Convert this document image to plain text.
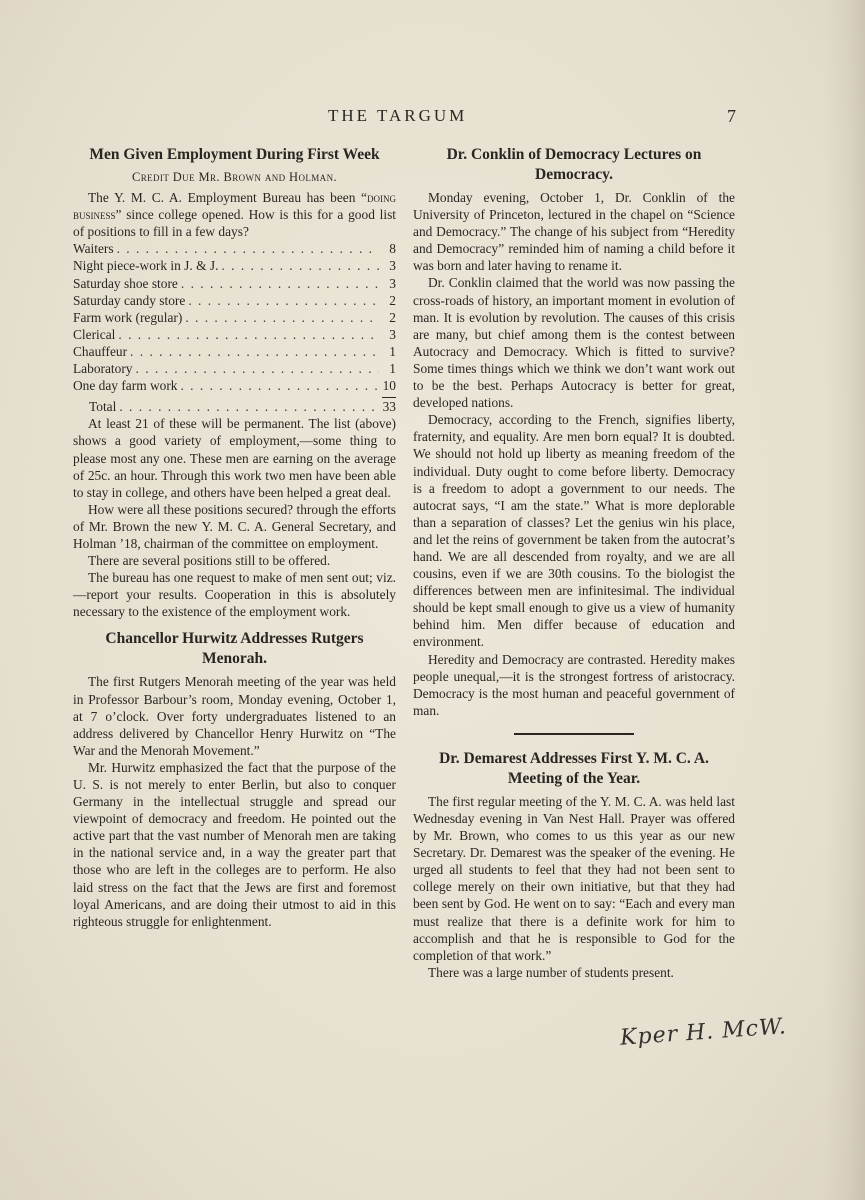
THE TARGUM	7
Men Given Employment During First Week
Credit Due Mr. Brown and Holman.

The Y. M. C. A. Employment Bureau has been “doing business” since college opened. How is this for a good list of positions to fill in a few days?

Waiters . . .	8
Night piece-work in J. & J. . . .	3
Saturday shoe store . . .	3
Saturday candy store . . .	2
Farm work (regular) . . .	2
Clerical . . .	3
Chauffeur . . .	1
Laboratory . . .	1
One day farm work . . .	10
Total . . .	33

At least 21 of these will be permanent. The list (above) shows a good variety of employment,—some thing to please most any one. These men are earning on the average of 25c. an hour. Through this work two men have been able to stay in college, and others have been helped a great deal.

How were all these positions secured? through the efforts of Mr. Brown the new Y. M. C. A. General Secretary, and Holman ’18, chairman of the committee on employment.

There are several positions still to be offered.

The bureau has one request to make of men sent out; viz.—report your results. Cooperation in this is absolutely necessary to the existence of the employment work.

Chancellor Hurwitz Addresses Rutgers Menorah.

The first Rutgers Menorah meeting of the year was held in Professor Barbour’s room, Monday evening, October 1, at 7 o’clock. Over forty undergraduates listened to an address delivered by Chancellor Henry Hurwitz on “The War and the Menorah Movement.”

Mr. Hurwitz emphasized the fact that the purpose of the U. S. is not merely to enter Berlin, but also to conquer Germany in the intellectual struggle and spread our viewpoint of democracy and freedom. He pointed out the active part that the vast number of Menorah men are taking in the national service and, in a way the greater part that those who are left in the colleges are to perform. He also laid stress on the fact that the Jews are first and foremost loyal Americans, and are doing their utmost to aid in this righteous struggle for enlightenment.

Dr. Conklin of Democracy Lectures on Democracy.

Monday evening, October 1, Dr. Conklin of the University of Princeton, lectured in the chapel on “Science and Democracy.” The change of his subject from “Heredity and Democracy” reminded him of naming a child before it was born and later having to rename it.

Dr. Conklin claimed that the world was now passing the cross-roads of history, an important moment in evolution of man. It is evolution by revolution. The causes of this crisis are many, but chief among them is the contest between Autocracy and Democracy. Which is fitted to survive? Some times things which we think we don’t want work out to be the best. Perhaps Autocracy is better for great, developed nations.

Democracy, according to the French, signifies liberty, fraternity, and equality. Are men born equal? It is doubted. We should not hold up liberty as meaning freedom of the individual. Duty ought to come before liberty. Democracy is a freedom to adopt a government to our needs. The autocrat says, “I am the state.” What is more deplorable than a separation of classes? Let the genius win his place, and let the reins of government be taken from the autocrat’s hand. We are all descended from royalty, and we are all cousins, even if we are 30th cousins. To the biologist the differences between men are infinitesimal. The individual should be kept small enough to give us a view of humanity behind him. Men differ because of education and environment.

Heredity and Democracy are contrasted. Heredity makes people unequal,—it is the strongest fortress of aristocracy. Democracy is the most human and peaceful government of man.

Dr. Demarest Addresses First Y. M. C. A. Meeting of the Year.

The first regular meeting of the Y. M. C. A. was held last Wednesday evening in Van Nest Hall. Prayer was offered by Mr. Brown, who comes to us this year as our new Secretary. Dr. Demarest was the speaker of the evening. He urged all students to feel that they had not been sent to college merely on their own initiative, but that they had been sent by God. He went on to say: “Each and every man must realize that there is a definite work for him to accomplish and that he is responsible to God for the completion of that work.”

There was a large number of students present.

Kper H. McW.
